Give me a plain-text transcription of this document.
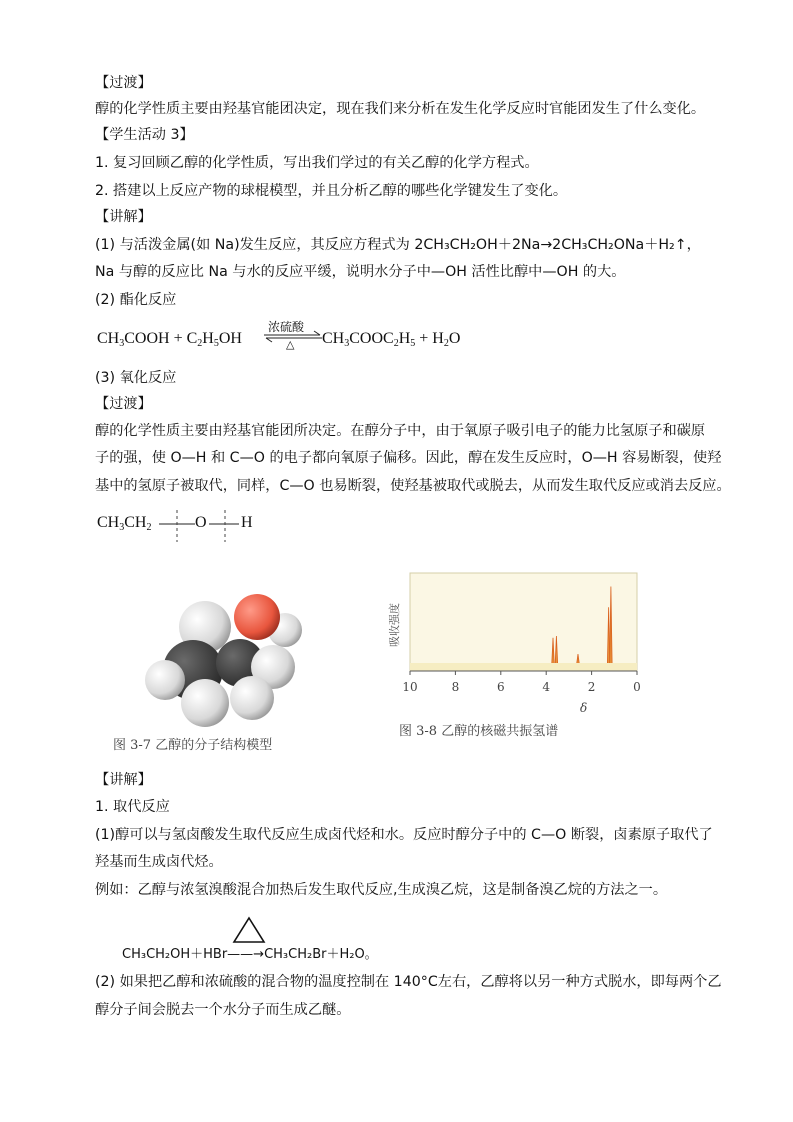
【过渡】
醇的化学性质主要由羟基官能团决定，现在我们来分析在发生化学反应时官能团发生了什么变化。
【学生活动 3】
1. 复习回顾乙醇的化学性质，写出我们学过的有关乙醇的化学方程式。
2. 搭建以上反应产物的球棍模型，并且分析乙醇的哪些化学键发生了变化。
【讲解】
(1) 与活泼金属(如 Na)发生反应，其反应方程式为 2CH₃CH₂OH＋2Na→2CH₃CH₂ONa＋H₂↑，
Na 与醇的反应比 Na 与水的反应平缓，说明水分子中—OH 活性比醇中—OH 的大。
(2) 酯化反应
$CH_3COOH + C_2H_5OH$
浓硫酸
△ $CH_3COOC_2H_5 + H_2O$
(3) 氧化反应
【过渡】
醇的化学性质主要由羟基官能团所决定。在醇分子中，由于氧原子吸引电子的能力比氢原子和碳原
子的强，使 O—H 和 C—O 的电子都向氧原子偏移。因此，醇在发生反应时，O—H 容易断裂，使羟
基中的氢原子被取代，同样，C—O 也易断裂，使羟基被取代或脱去，从而发生取代反应或消去反应。
$CH_3CH_2$	O H
图 3-7 乙醇的分子结构模型
吸收强度
10	8	6	4	2	0
δ
图 3-8 乙醇的核磁共振氢谱
【讲解】
1. 取代反应
(1)醇可以与氢卤酸发生取代反应生成卤代烃和水。反应时醇分子中的 C—O 断裂，卤素原子取代了
羟基而生成卤代烃。
例如：乙醇与浓氢溴酸混合加热后发生取代反应,生成溴乙烷，这是制备溴乙烷的方法之一。
CH₃CH₂OH＋HBr——→CH₃CH₂Br＋H₂O。
(2) 如果把乙醇和浓硫酸的混合物的温度控制在 140°C左右，乙醇将以另一种方式脱水，即每两个乙
醇分子间会脱去一个水分子而生成乙醚。
